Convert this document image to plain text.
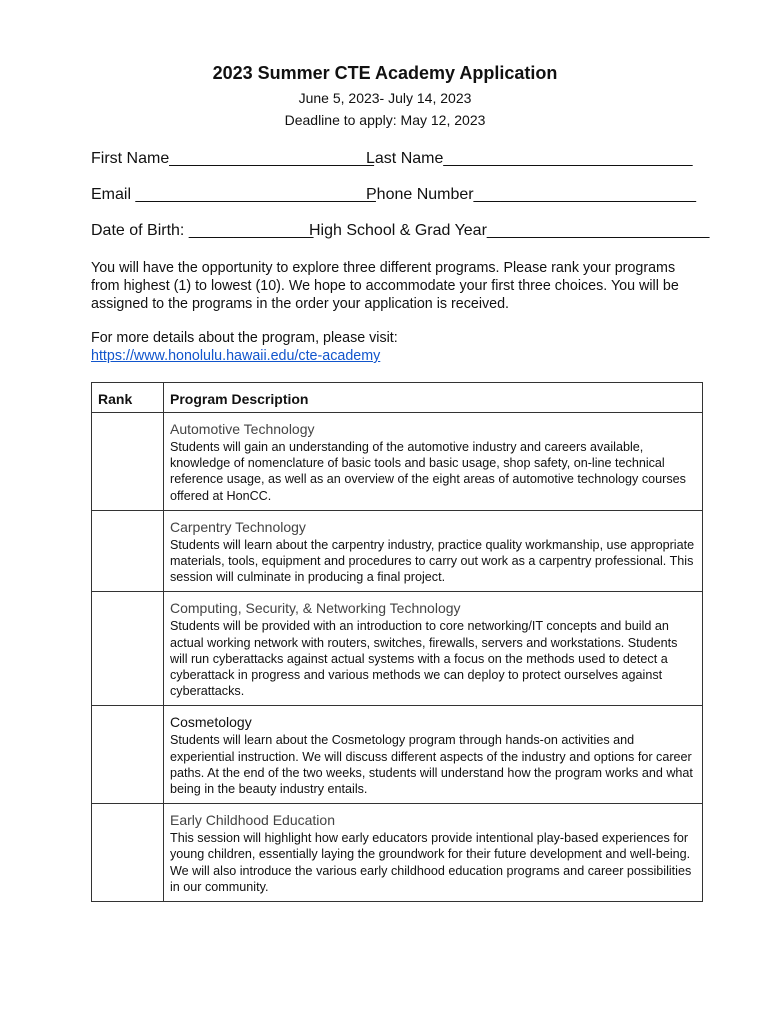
2023 Summer CTE Academy Application
June 5, 2023- July 14, 2023
Deadline to apply: May 12, 2023
First Name_______________________
Last Name____________________________
Email ___________________________
Phone Number_________________________
Date of Birth: ______________
High School & Grad Year_________________________
You will have the opportunity to explore three different programs. Please rank your programs from highest (1) to lowest (10). We hope to accommodate your first three choices. You will be assigned to the programs in the order your application is received.
For more details about the program, please visit:
https://www.honolulu.hawaii.edu/cte-academy
Rank	Program Description

	Automotive Technology
Students will gain an understanding of the automotive industry and careers available, knowledge of nomenclature of basic tools and basic usage, shop safety, on-line technical reference usage, as well as an overview of the eight areas of automotive technology courses offered at HonCC.

	Carpentry Technology
Students will learn about the carpentry industry, practice quality workmanship, use appropriate materials, tools, equipment and procedures to carry out work as a carpentry professional. This session will culminate in producing a final project.

	Computing, Security, & Networking Technology
Students will be provided with an introduction to core networking/IT concepts and build an actual working network with routers, switches, firewalls, servers and workstations. Students will run cyberattacks against actual systems with a focus on the methods used to detect a cyberattack in progress and various methods we can deploy to protect ourselves against cyberattacks.

	Cosmetology
Students will learn about the Cosmetology program through hands-on activities and experiential instruction. We will discuss different aspects of the industry and options for career paths. At the end of the two weeks, students will understand how the program works and what being in the beauty industry entails.

	Early Childhood Education
This session will highlight how early educators provide intentional play-based experiences for young children, essentially laying the groundwork for their future development and well-being. We will also introduce the various early childhood education programs and career possibilities in our community.
